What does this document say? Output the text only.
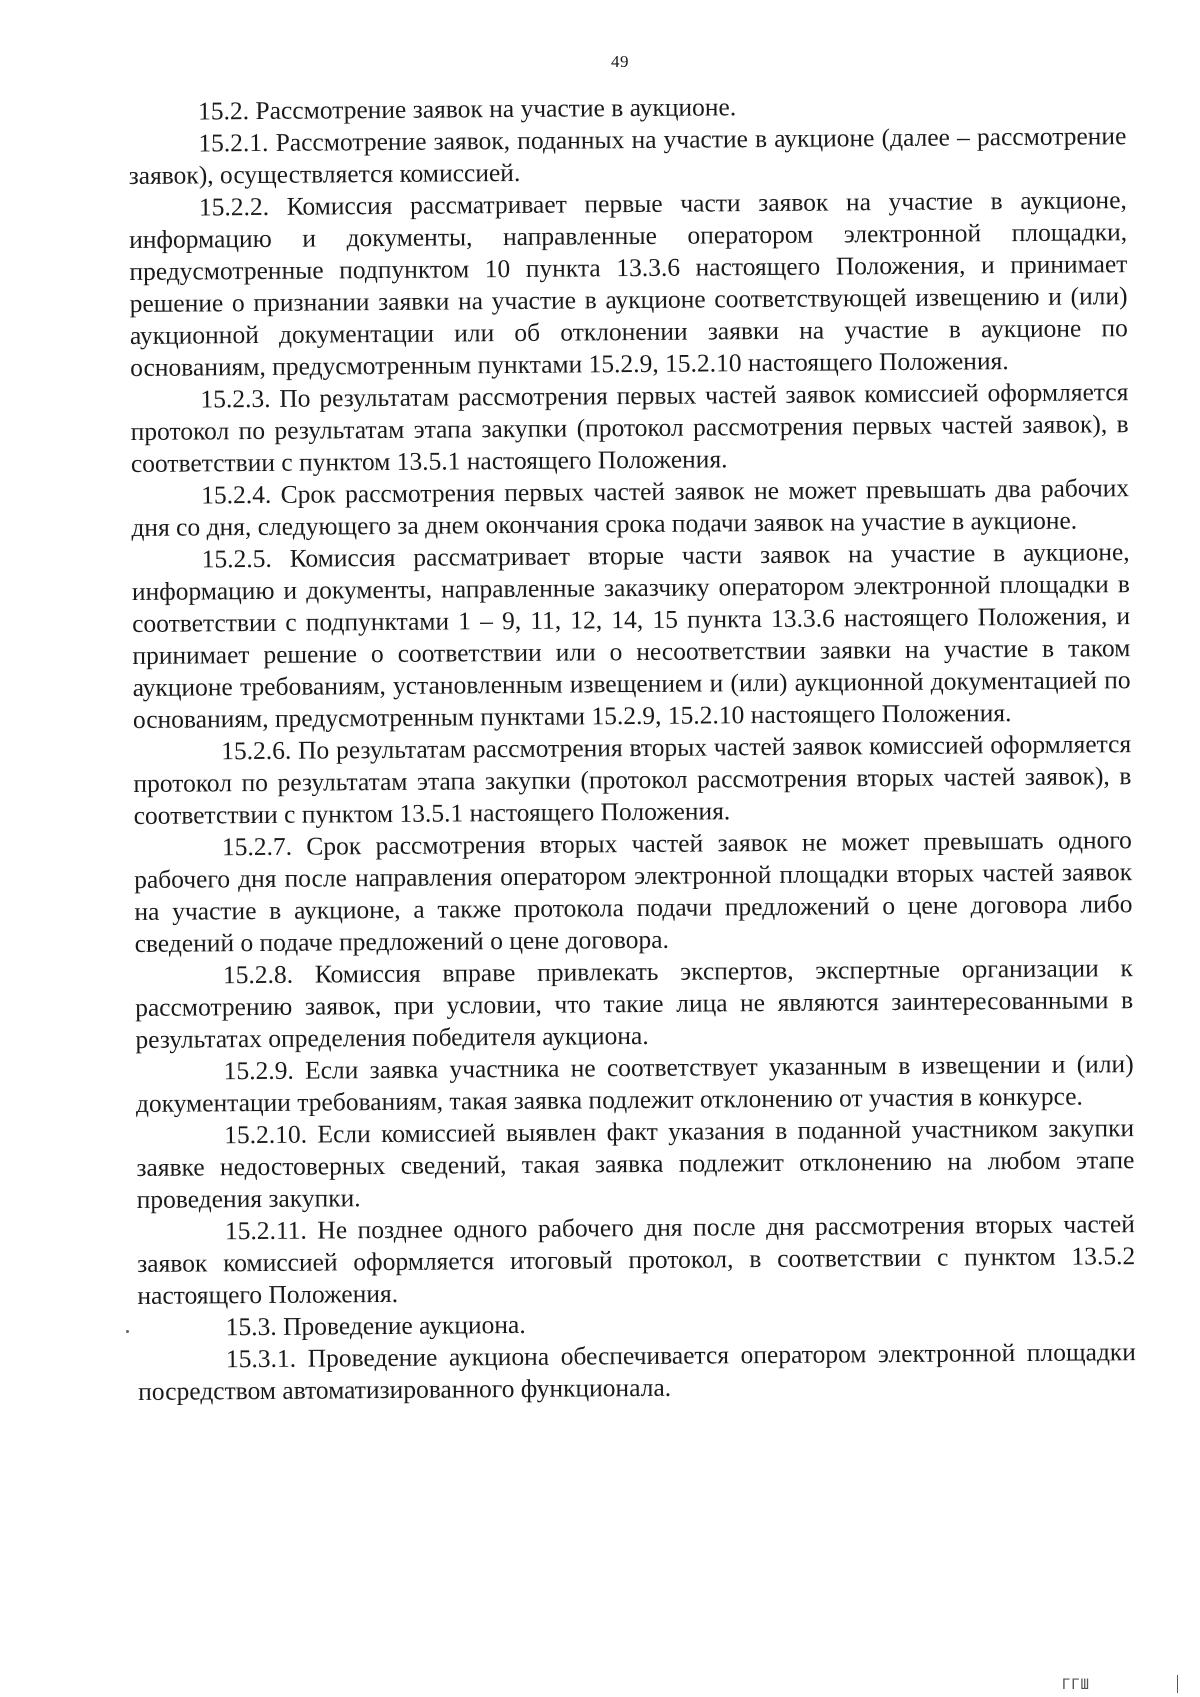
49

15.2. Рассмотрение заявок на участие в аукционе.

15.2.1. Рассмотрение заявок, поданных на участие в аукционе (далее – рассмотрение заявок), осуществляется комиссией.

15.2.2. Комиссия рассматривает первые части заявок на участие в аукционе, информацию и документы, направленные оператором электронной площадки, предусмотренные подпунктом 10 пункта 13.3.6 настоящего Положения, и принимает решение о признании заявки на участие в аукционе соответствующей извещению и (или) аукционной документации или об отклонении заявки на участие в аукционе по основаниям, предусмотренным пунктами 15.2.9, 15.2.10 настоящего Положения.

15.2.3. По результатам рассмотрения первых частей заявок комиссией оформляется протокол по результатам этапа закупки (протокол рассмотрения первых частей заявок), в соответствии с пунктом 13.5.1 настоящего Положения.

15.2.4. Срок рассмотрения первых частей заявок не может превышать два рабочих дня со дня, следующего за днем окончания срока подачи заявок на участие в аукционе.

15.2.5. Комиссия рассматривает вторые части заявок на участие в аукционе, информацию и документы, направленные заказчику оператором электронной площадки в соответствии с подпунктами 1 – 9, 11, 12, 14, 15 пункта 13.3.6 настоящего Положения, и принимает решение о соответствии или о несоответствии заявки на участие в таком аукционе требованиям, установленным извещением и (или) аукционной документацией по основаниям, предусмотренным пунктами 15.2.9, 15.2.10 настоящего Положения.

15.2.6. По результатам рассмотрения вторых частей заявок комиссией оформляется протокол по результатам этапа закупки (протокол рассмотрения вторых частей заявок), в соответствии с пунктом 13.5.1 настоящего Положения.

15.2.7. Срок рассмотрения вторых частей заявок не может превышать одного рабочего дня после направления оператором электронной площадки вторых частей заявок на участие в аукционе, а также протокола подачи предложений о цене договора либо сведений о подаче предложений о цене договора.

15.2.8. Комиссия вправе привлекать экспертов, экспертные организации к рассмотрению заявок, при условии, что такие лица не являются заинтересованными в результатах определения победителя аукциона.

15.2.9. Если заявка участника не соответствует указанным в извещении и (или) документации требованиям, такая заявка подлежит отклонению от участия в конкурсе.

15.2.10. Если комиссией выявлен факт указания в поданной участником закупки заявке недостоверных сведений, такая заявка подлежит отклонению на любом этапе проведения закупки.

15.2.11. Не позднее одного рабочего дня после дня рассмотрения вторых частей заявок комиссией оформляется итоговый протокол, в соответствии с пунктом 13.5.2 настоящего Положения.

15.3. Проведение аукциона.

15.3.1. Проведение аукциона обеспечивается оператором электронной площадки посредством автоматизированного функционала.

ГГШ
